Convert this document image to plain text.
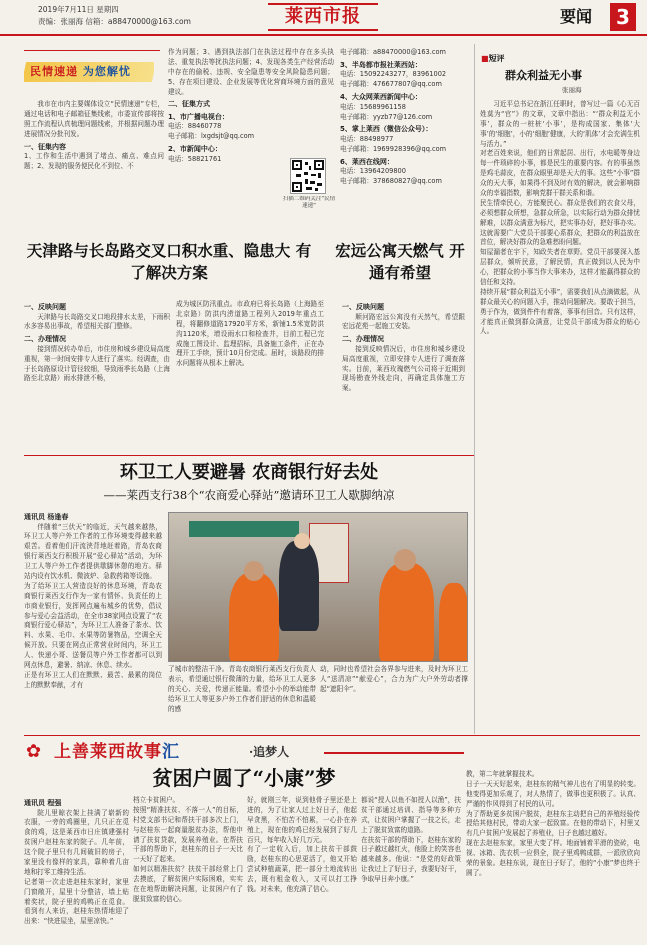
2019年7月11日 星期四
责编：张丽海 信箱：a88470000@163.com	莱西市报	要闻	3
民情速递 为您解忧

我市在市内主要媒体设立“民情速递”专栏，通过电话和电子邮箱征集线索，市委宣传部将按照工作流程认真梳理问题线索，并根据问题办理进展情况分批刊发。

一、征集内容

1、工作和生活中遇到了堵点、痛点、难点问题；2、发现的服务便民化不到位、不

作为问题；3、遇到执法部门在执法过程中存在多头执法、重复执法等扰执法问题；4、发现各类生产经营活动中存在的偷税、违规、安全隐患等安全风险隐患问题；5、存在项目建设、企业发展等优化营商环境方面的意见建议。

二、征集方式

1、市广播电视台：

电话：88460778

电子邮箱：lxgdsjt@qq.com

2、市新闻中心：

电话：58821761

扫描二维码关注“民情速递”

电子邮箱：a88470000@163.com

3、半岛都市报社莱西站：

电话：15092243277，83961002

电子邮箱：476677807@qq.com

4、大众网莱西新闻中心：

电话：15689961158

电子邮箱：yyzb77@126.com

5、掌上莱西（微信公众号）：

电话：88498977

电子邮箱：1969928396@qq.com

6、莱西在线网：

电话：13964209800

电子邮箱：378680827@qq.com

天津路与长岛路交叉口积水重、隐患大 有了解决方案

一、反映问题

天津路与长岛路交叉口地段排水太差，下雨积水多容易出事故，希望相关部门整修。

二、办理情况

接到情况转办单后，市住房和城乡建设局高度重视，第一时间安排专人进行了落实。经调查，由于长岛路原设计管径较细，导致雨季长岛路（上海路至北京路）雨水排泄不畅，

成为城区防汛重点。市政府已将长岛路（上海路至北京路）防洪内涝道路工程列入2019年重点工程，将翻修道路17920平方米，新铺1.5米宽防洪沟1120米，增设雨水口和检查井，目前工程已完成施工图设计、监理招标，具备施工条件，正在办理开工手续，预计10月份完成。届时，该路段的排水问题将从根本上解决。

宏远公寓天燃气 开通有希望

一、反映问题

顺河路宏远公寓没有天然气，希望跟宏远花苑一起施工安装。

二、办理情况

接到反映情况后，市住房和城乡建设局高度重视，立即安排专人进行了调查落实。目前，莱西玫瑰燃气公司将于近期到现场勘查外线走向，再确定具体施工方案。

■短评
群众利益无小事
张丽海

习近平总书记在浙江任职时，曾写过一篇《心无百姓莫为“官”》的文章，文章中指出：“‘群众利益无小事’，群众的一桩桩‘小事’，是构成国家、集体‘大事’的‘细胞’，小的‘细胞’健康，大的‘肌体’才会充满生机与活力。”
对老百姓来说，他们的日常起居、出行，水电暖等身边每一件琐碎的小事，都是民生的重要内容。有的事虽然是鸡毛蒜皮，在群众眼里却是天大的事。这些“小事”群众的天大事，如果得不到及时有效的解决，就会影响群众的幸福指数，影响党群干群关系和谐。
民生情牵民心，方能聚民心。群众是我们的衣食父母，必须想群众所想，急群众所急，以实际行动为群众排忧解难，以群众满意为标尺，把实事办好，把好事办实。这就需要广大党员干部要心系群众，把群众的利益放在首位，解决好群众的急难愁盼问题。
知屋漏者在宇下，知政失者在草野。党员干部要深入基层群众，倾听民意，了解民情，真正做到以人民为中心，把群众的小事当作大事来办，这样才能赢得群众的信任和支持。
持续开展“群众利益无小事”，需要我们从点滴做起，从群众最关心的问题入手，推动问题解决。要敢于担当，勇于作为，做到件件有着落，事事有回音。只有这样，才能真正做到群众满意，让党员干部成为群众的贴心人。

环卫工人要避暑 农商银行好去处
——莱西支行38个“农商爱心驿站”邀请环卫工人歇脚纳凉

通讯员 杨逢春

伴随着“三伏天”的临近，天气越来越热，环卫工人等户外工作者的工作环境变得越来越艰苦。看着他们汗流浃背地赶着路，青岛农商银行莱西支行积极开展“爱心驿站”活动，为环卫工人等户外工作者提供歇脚休憩的地方。驿站内设有饮水机、微波炉、急救药箱等设施。
为了给环卫工人营造良好的休息环境，青岛农商银行莱西支行作为一家有情怀、负责任的上市商业银行，发挥网点遍布城乡的优势，倡议参与爱心会益活动，在全市38家网点设置了“农商银行爱心驿站”，为环卫工人准备了茶水、饮料、水果、毛巾、水果等防暑物品，空调全天候开放。只要在网点正常营业时间内，环卫工人、快递小哥、送餐员等户外工作者都可以到网点休息，避暑、纳凉、休息、续水。
正是有环卫工人们在默默、最苦、最累的岗位上的默默奉献，才有

了城市的整洁干净。青岛农商银行莱西支行负责人表示，希望通过银行微薄的力量，给环卫工人更多的关心、关爱，传递正能量。希望小小的举动能带给环卫工人等更多户外工作者们舒适的休息和温暖的感

动，同时也希望社会各界参与进来，及时为环卫工人“送清凉”“献爱心”，合力为广大户外劳动者撑起“遮阳伞”。

✿ 上善莱西故事汇	·追梦人
贫困户圆了“小康”梦

通讯员 程强

院儿里晾衣架上挂满了崭新的衣服，一旁的鸡圈里，几只正在觅食的鸡，这是莱西市日庄镇建强村贫困户赵桂东家的院子。几年前，这个院子里只有几间破旧的房子，家里没有像样的家具，靠种着几亩地和打零工维持生活。
记者第一次走进赵桂东家时，家里门窗敞开，屋里十分整洁，墙上贴着奖状，院子里的鸡鸭正在觅食。看到有人来访，赵桂东热情地迎了出来：“快进屋坐，屋里凉快。”

档立卡贫困户。
按照“精准扶贫、不落一人”的目标，村党支部书记和帮扶干部多次上门，与赵桂东一起商量脱贫办法，帮他申请了扶贫贷款，发展养殖业。在帮扶干部的帮助下，赵桂东的日子一天比一天好了起来。
如何以精准扶贫？扶贫干部经常上门去摸底，了解贫困户实际困难，实实在在地帮助解决问题，让贫困户有了脱贫致富的信心。

好，就刚三年，说到他骨子里还是上进的，为了让家人过上好日子，他起早贪黑，不怕苦不怕累，一心扑在养殖上，现在他的鸡已经发展到了好几百只，每年收入好几万元。
有了一定收入后，加上扶贫干部鼓励，赵桂东的心思更活了，他又开始尝试种植蔬菜，把一部分土地流转出去，既有租金收入，又可以打工挣钱。对未来，他充满了信心。

都说“授人以鱼不如授人以渔”，扶贫干部通过培训、指导等多种方式，让贫困户掌握了一技之长，走上了脱贫致富的道路。
在扶贫干部的帮助下，赵桂东家的日子越过越红火，他脸上的笑容也越来越多。他说：“是党的好政策让我过上了好日子，我要好好干，争取早日奔小康。”

教，第二年就掌握技术。
日子一天天好起来，赵桂东的精气神儿也有了明显的转变。他变得更加乐观了，对人热情了，做事也更积极了。认真、严谨的作风得到了村民的认可。
为了帮助更多贫困户脱贫，赵桂东主动把自己的养殖经验传授给其他村民，带动大家一起致富。在他的带动下，村里又有几户贫困户发展起了养殖业，日子也越过越好。
现在去赵桂东家，家里大变了样。地面铺着平滑的瓷砖，电视、冰箱、洗衣机一应俱全，院子里鸡鸭成群，一派欣欣向荣的景象。赵桂东说，现在日子好了，他的“小康”梦也终于圆了。
